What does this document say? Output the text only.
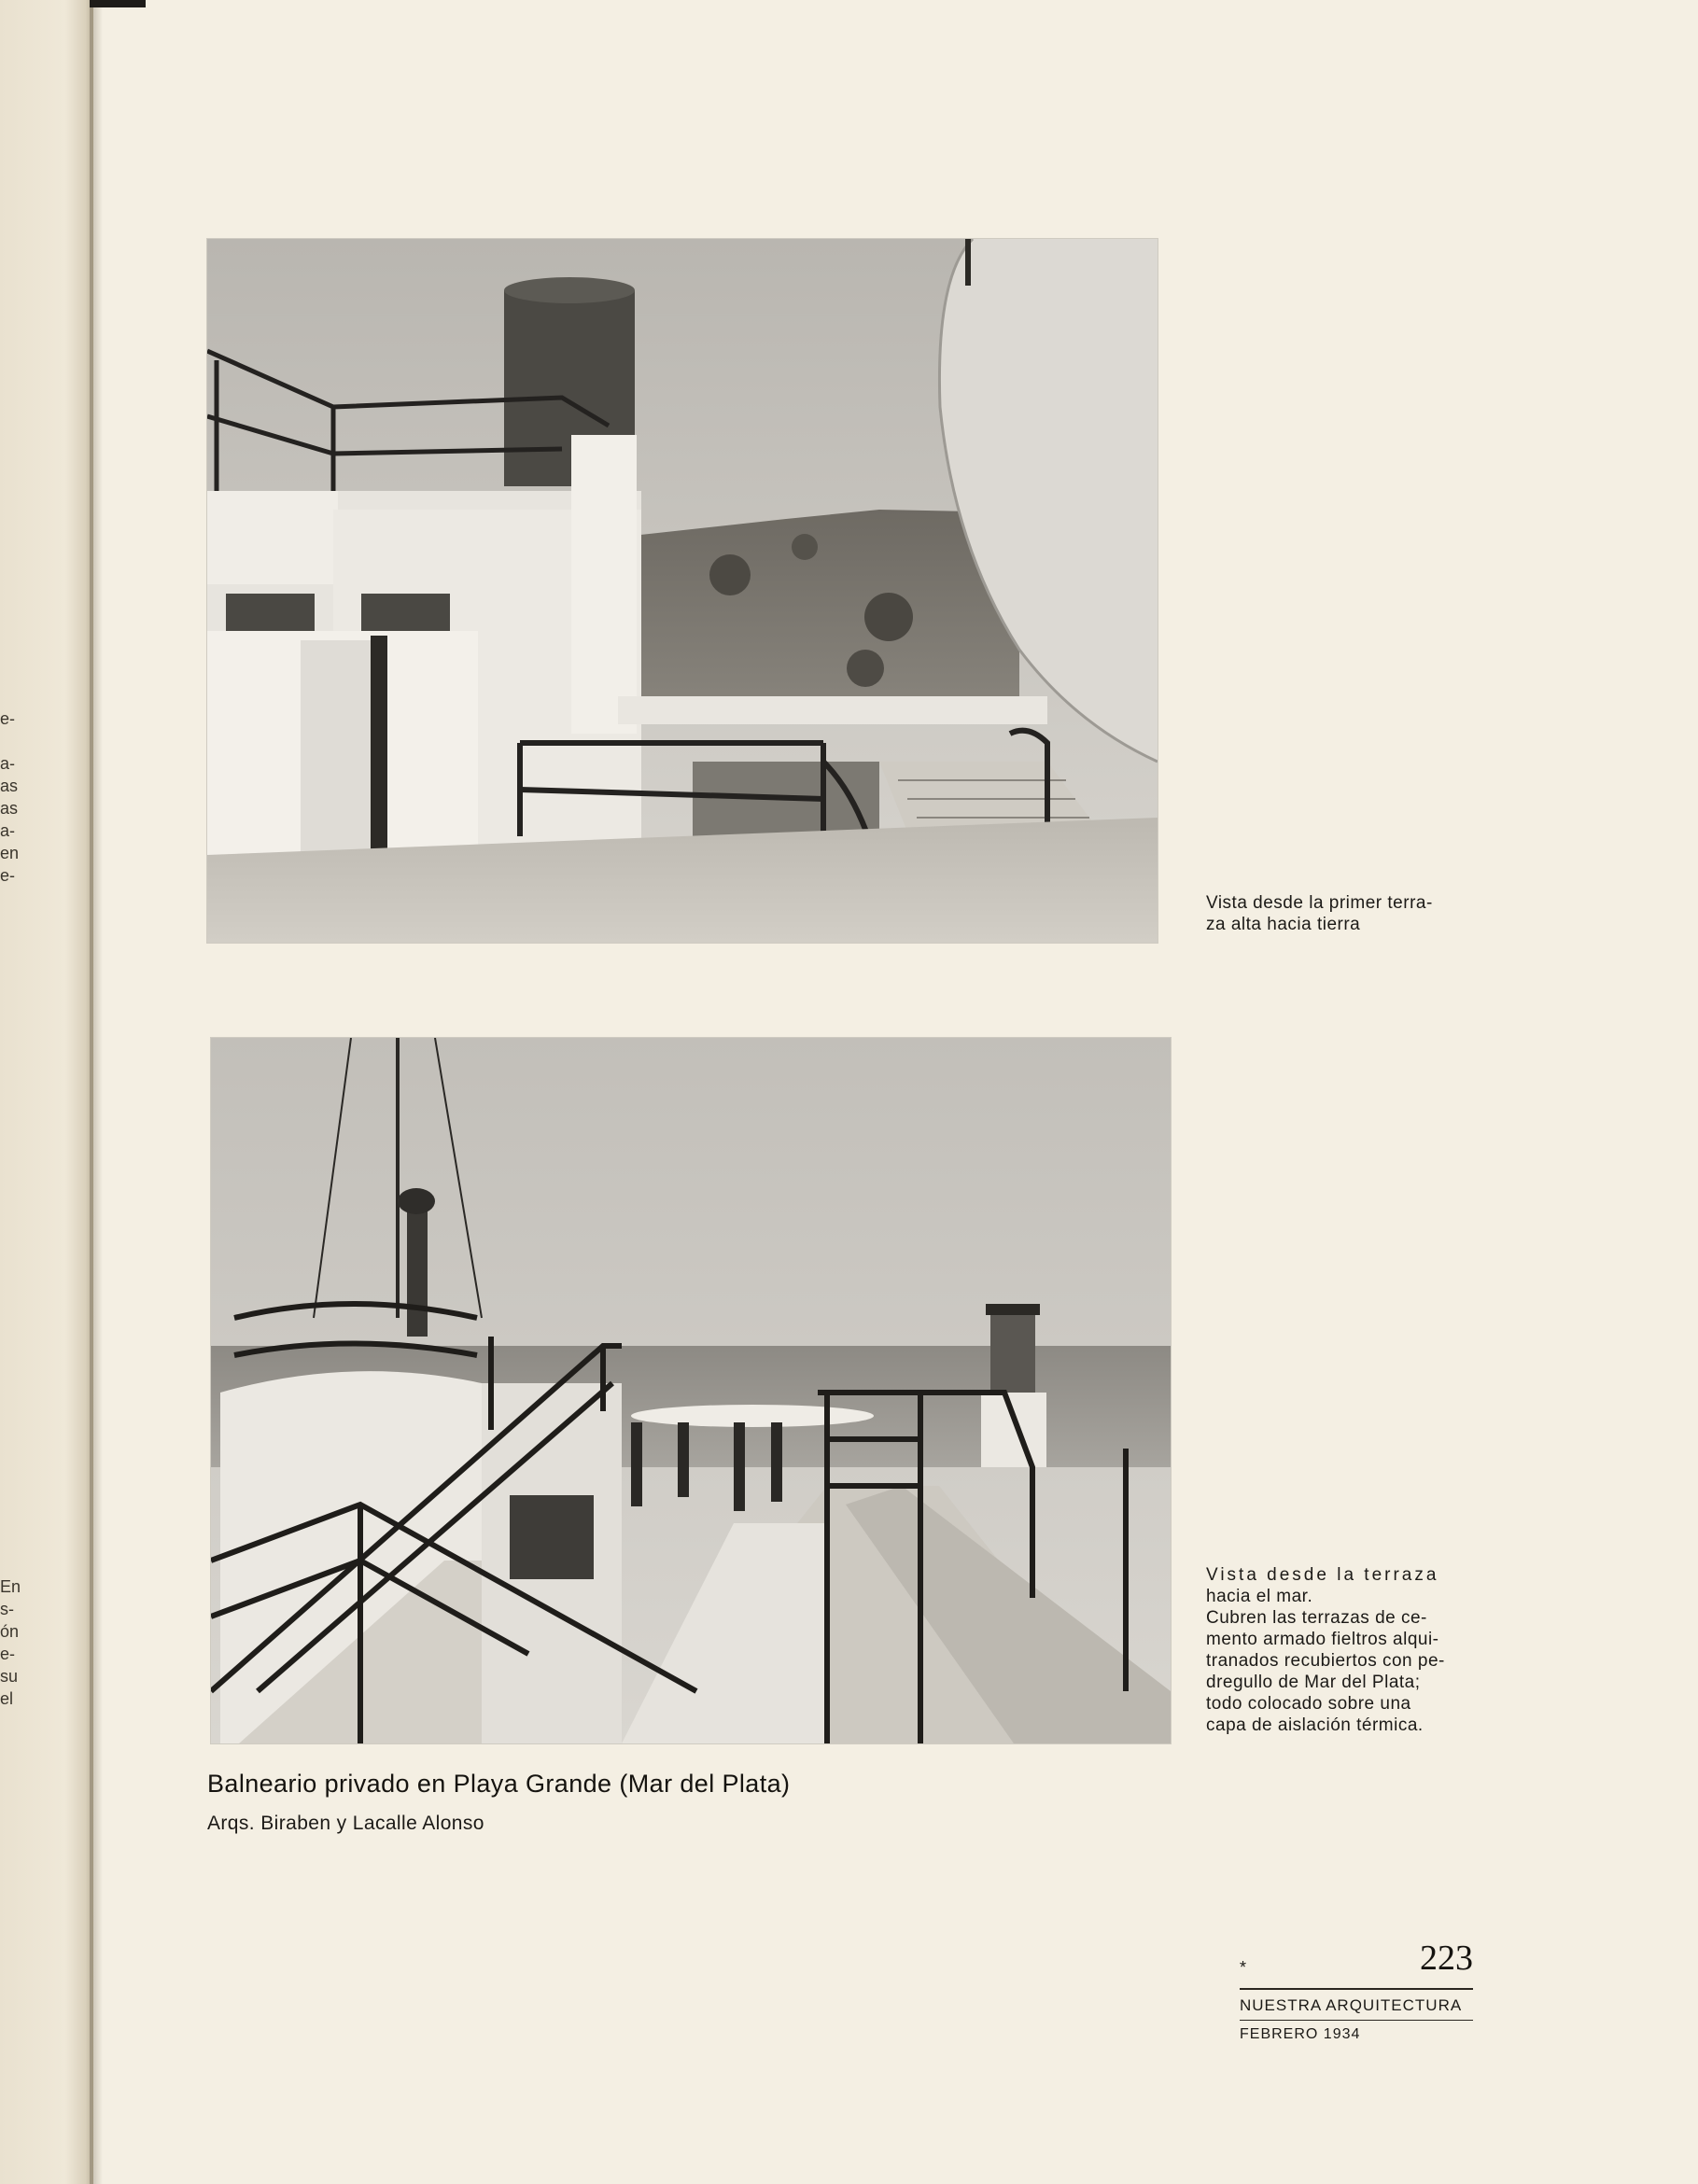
e-
a-
as
as
a-
en
e-
En
s-
ón
e-
su
el
Vista desde la primer terra-
za alta hacia tierra
Vista desde la terraza
hacia el mar.
Cubren las terrazas de ce-
mento armado fieltros alqui-
tranados recubiertos con pe-
dregullo de Mar del Plata;
todo colocado sobre una
capa de aislación térmica.
Balneario privado en Playa Grande (Mar del Plata)
Arqs. Biraben y Lacalle Alonso
*	223
NUESTRA ARQUITECTURA
FEBRERO 1934
